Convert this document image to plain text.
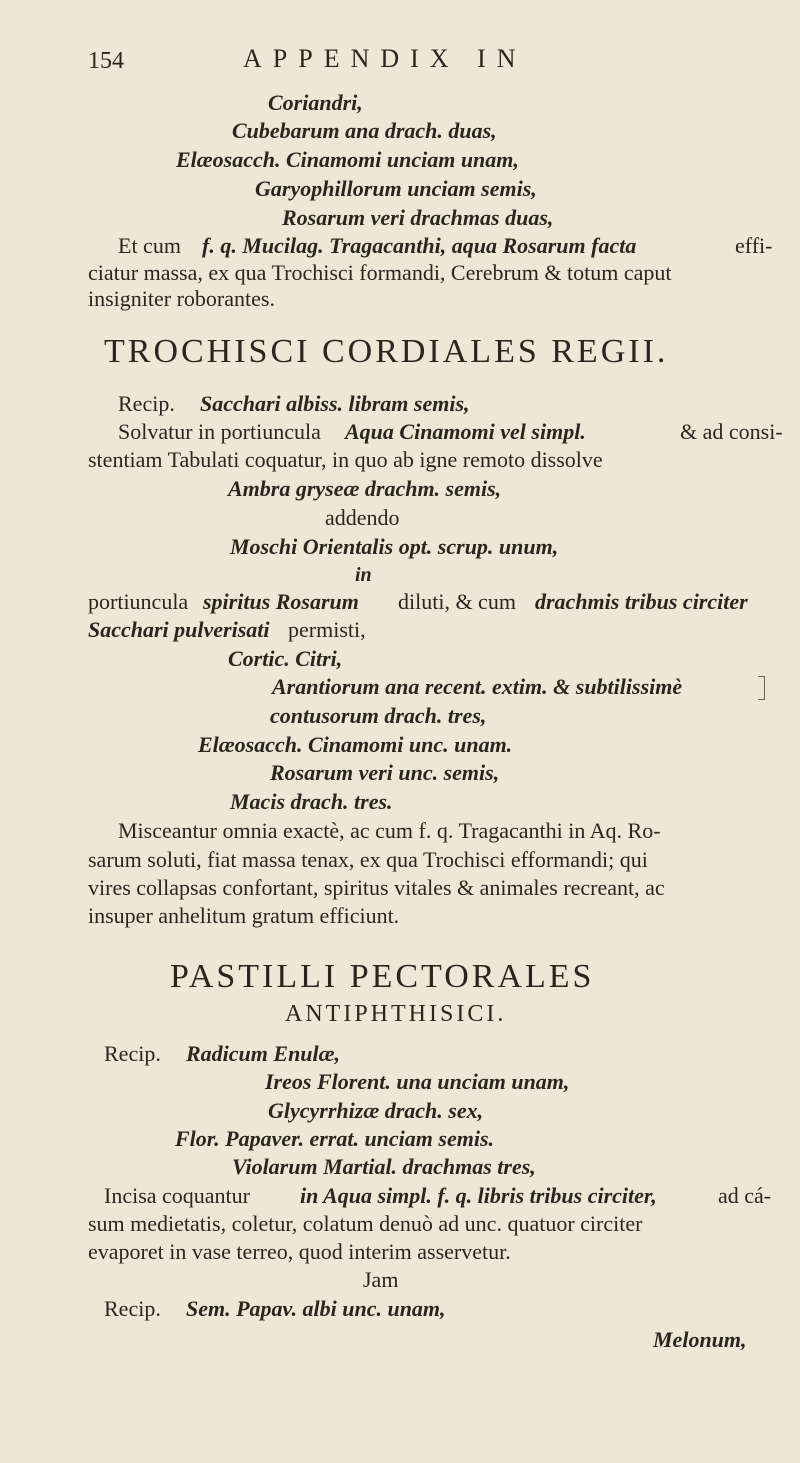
154	APPENDIX IN
Coriandri,
Cubebarum ana drach. duas,
Elæosacch. Cinamomi unciam unam,
Garyophillorum unciam semis,
Rosarum veri drachmas duas,
Et cum f. q. Mucilag. Tragacanthi, aqua Rosarum facta	effi-
ciatur massa, ex qua Trochisci formandi, Cerebrum & totum caput
insigniter roborantes.
Recip. Sacchari albiss. libram semis,
Solvatur in portiuncula Aqua Cinamomi vel simpl.	& ad consi-
stentiam Tabulati coquatur, in quo ab igne remoto dissolve
Ambra gryseæ drachm. semis,
addendo
Moschi Orientalis opt. scrup. unum,
in
portiuncula spiritus Rosarum diluti, & cum drachmis tribus circiter
Sacchari pulverisati permisti,
Cortic. Citri,
Arantiorum ana recent. extim. & subtilissimè
contusorum drach. tres,
Elæosacch. Cinamomi unc. unam.
Rosarum veri unc. semis,
Macis drach. tres.
Misceantur omnia exactè, ac cum f. q. Tragacanthi in Aq. Ro-
sarum soluti, fiat massa tenax, ex qua Trochisci efformandi; qui
vires collapsas confortant, spiritus vitales & animales recreant, ac
insuper anhelitum gratum efficiunt.
Recip. Radicum Enulæ,
Ireos Florent. una unciam unam,
Glycyrrhizæ drach. sex,
Flor. Papaver. errat. unciam semis.
Violarum Martial. drachmas tres,
Incisa coquantur in Aqua simpl. f. q. libris tribus circiter,	ad cá-
sum medietatis, coletur, colatum denuò ad unc. quatuor circiter
evaporet in vase terreo, quod interim asservetur.
Jam
Recip. Sem. Papav. albi unc. unam,
Melonum,
TROCHISCI CORDIALES REGII.
PASTILLI PECTORALES
ANTIPHTHISICI.
